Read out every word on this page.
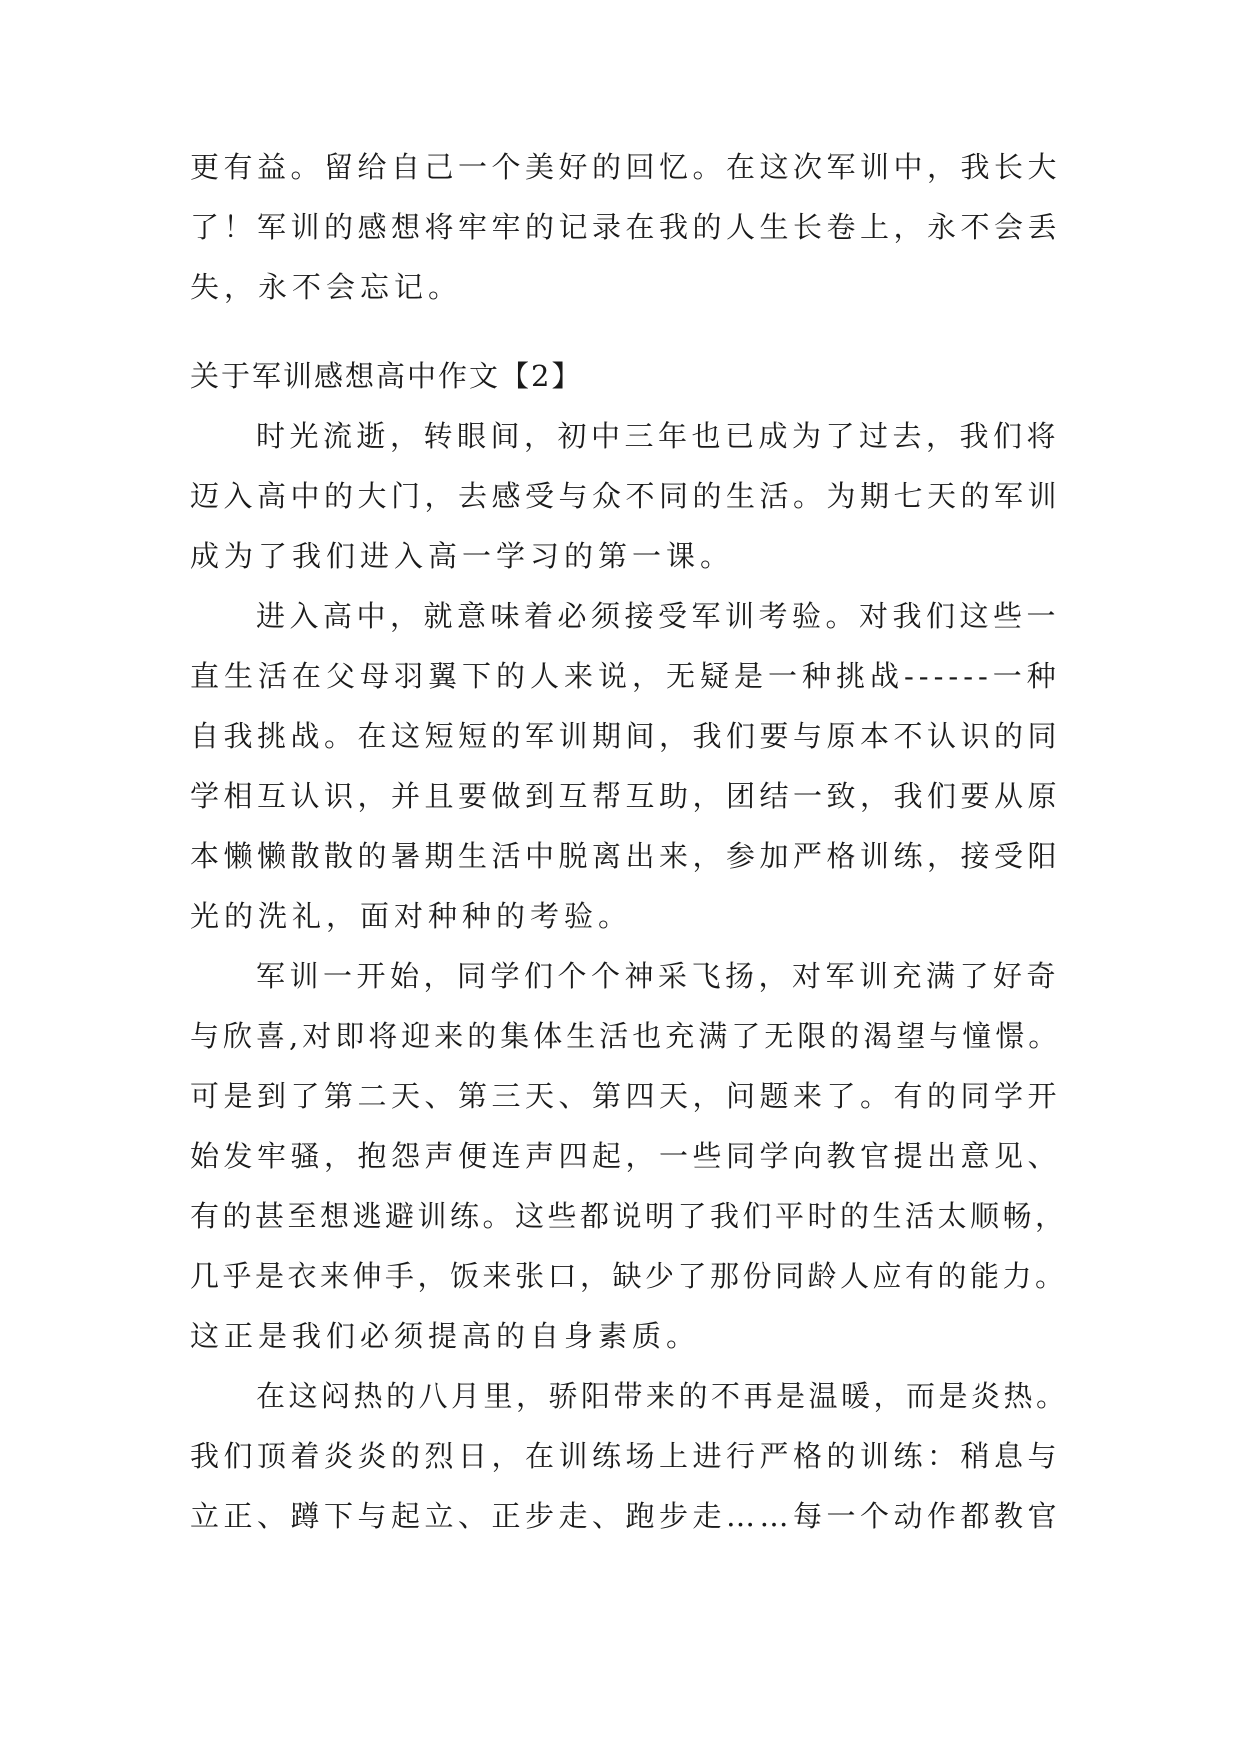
更有益。留给自己一个美好的回忆。在这次军训中，我长大
了！军训的感想将牢牢的记录在我的人生长卷上，永不会丢
失，永不会忘记。
关于军训感想高中作文【2】
时光流逝，转眼间，初中三年也已成为了过去，我们将
迈入高中的大门，去感受与众不同的生活。为期七天的军训
成为了我们进入高一学习的第一课。
进入高中，就意味着必须接受军训考验。对我们这些一
直生活在父母羽翼下的人来说，无疑是一种挑战------一种
自我挑战。在这短短的军训期间，我们要与原本不认识的同
学相互认识，并且要做到互帮互助，团结一致，我们要从原
本懒懒散散的暑期生活中脱离出来，参加严格训练，接受阳
光的洗礼，面对种种的考验。
军训一开始，同学们个个神采飞扬，对军训充满了好奇
与欣喜,对即将迎来的集体生活也充满了无限的渴望与憧憬。
可是到了第二天、第三天、第四天，问题来了。有的同学开
始发牢骚，抱怨声便连声四起，一些同学向教官提出意见、
有的甚至想逃避训练。这些都说明了我们平时的生活太顺畅，
几乎是衣来伸手，饭来张口，缺少了那份同龄人应有的能力。
这正是我们必须提高的自身素质。
在这闷热的八月里，骄阳带来的不再是温暖，而是炎热。
我们顶着炎炎的烈日，在训练场上进行严格的训练：稍息与
立正、蹲下与起立、正步走、跑步走……每一个动作都教官
